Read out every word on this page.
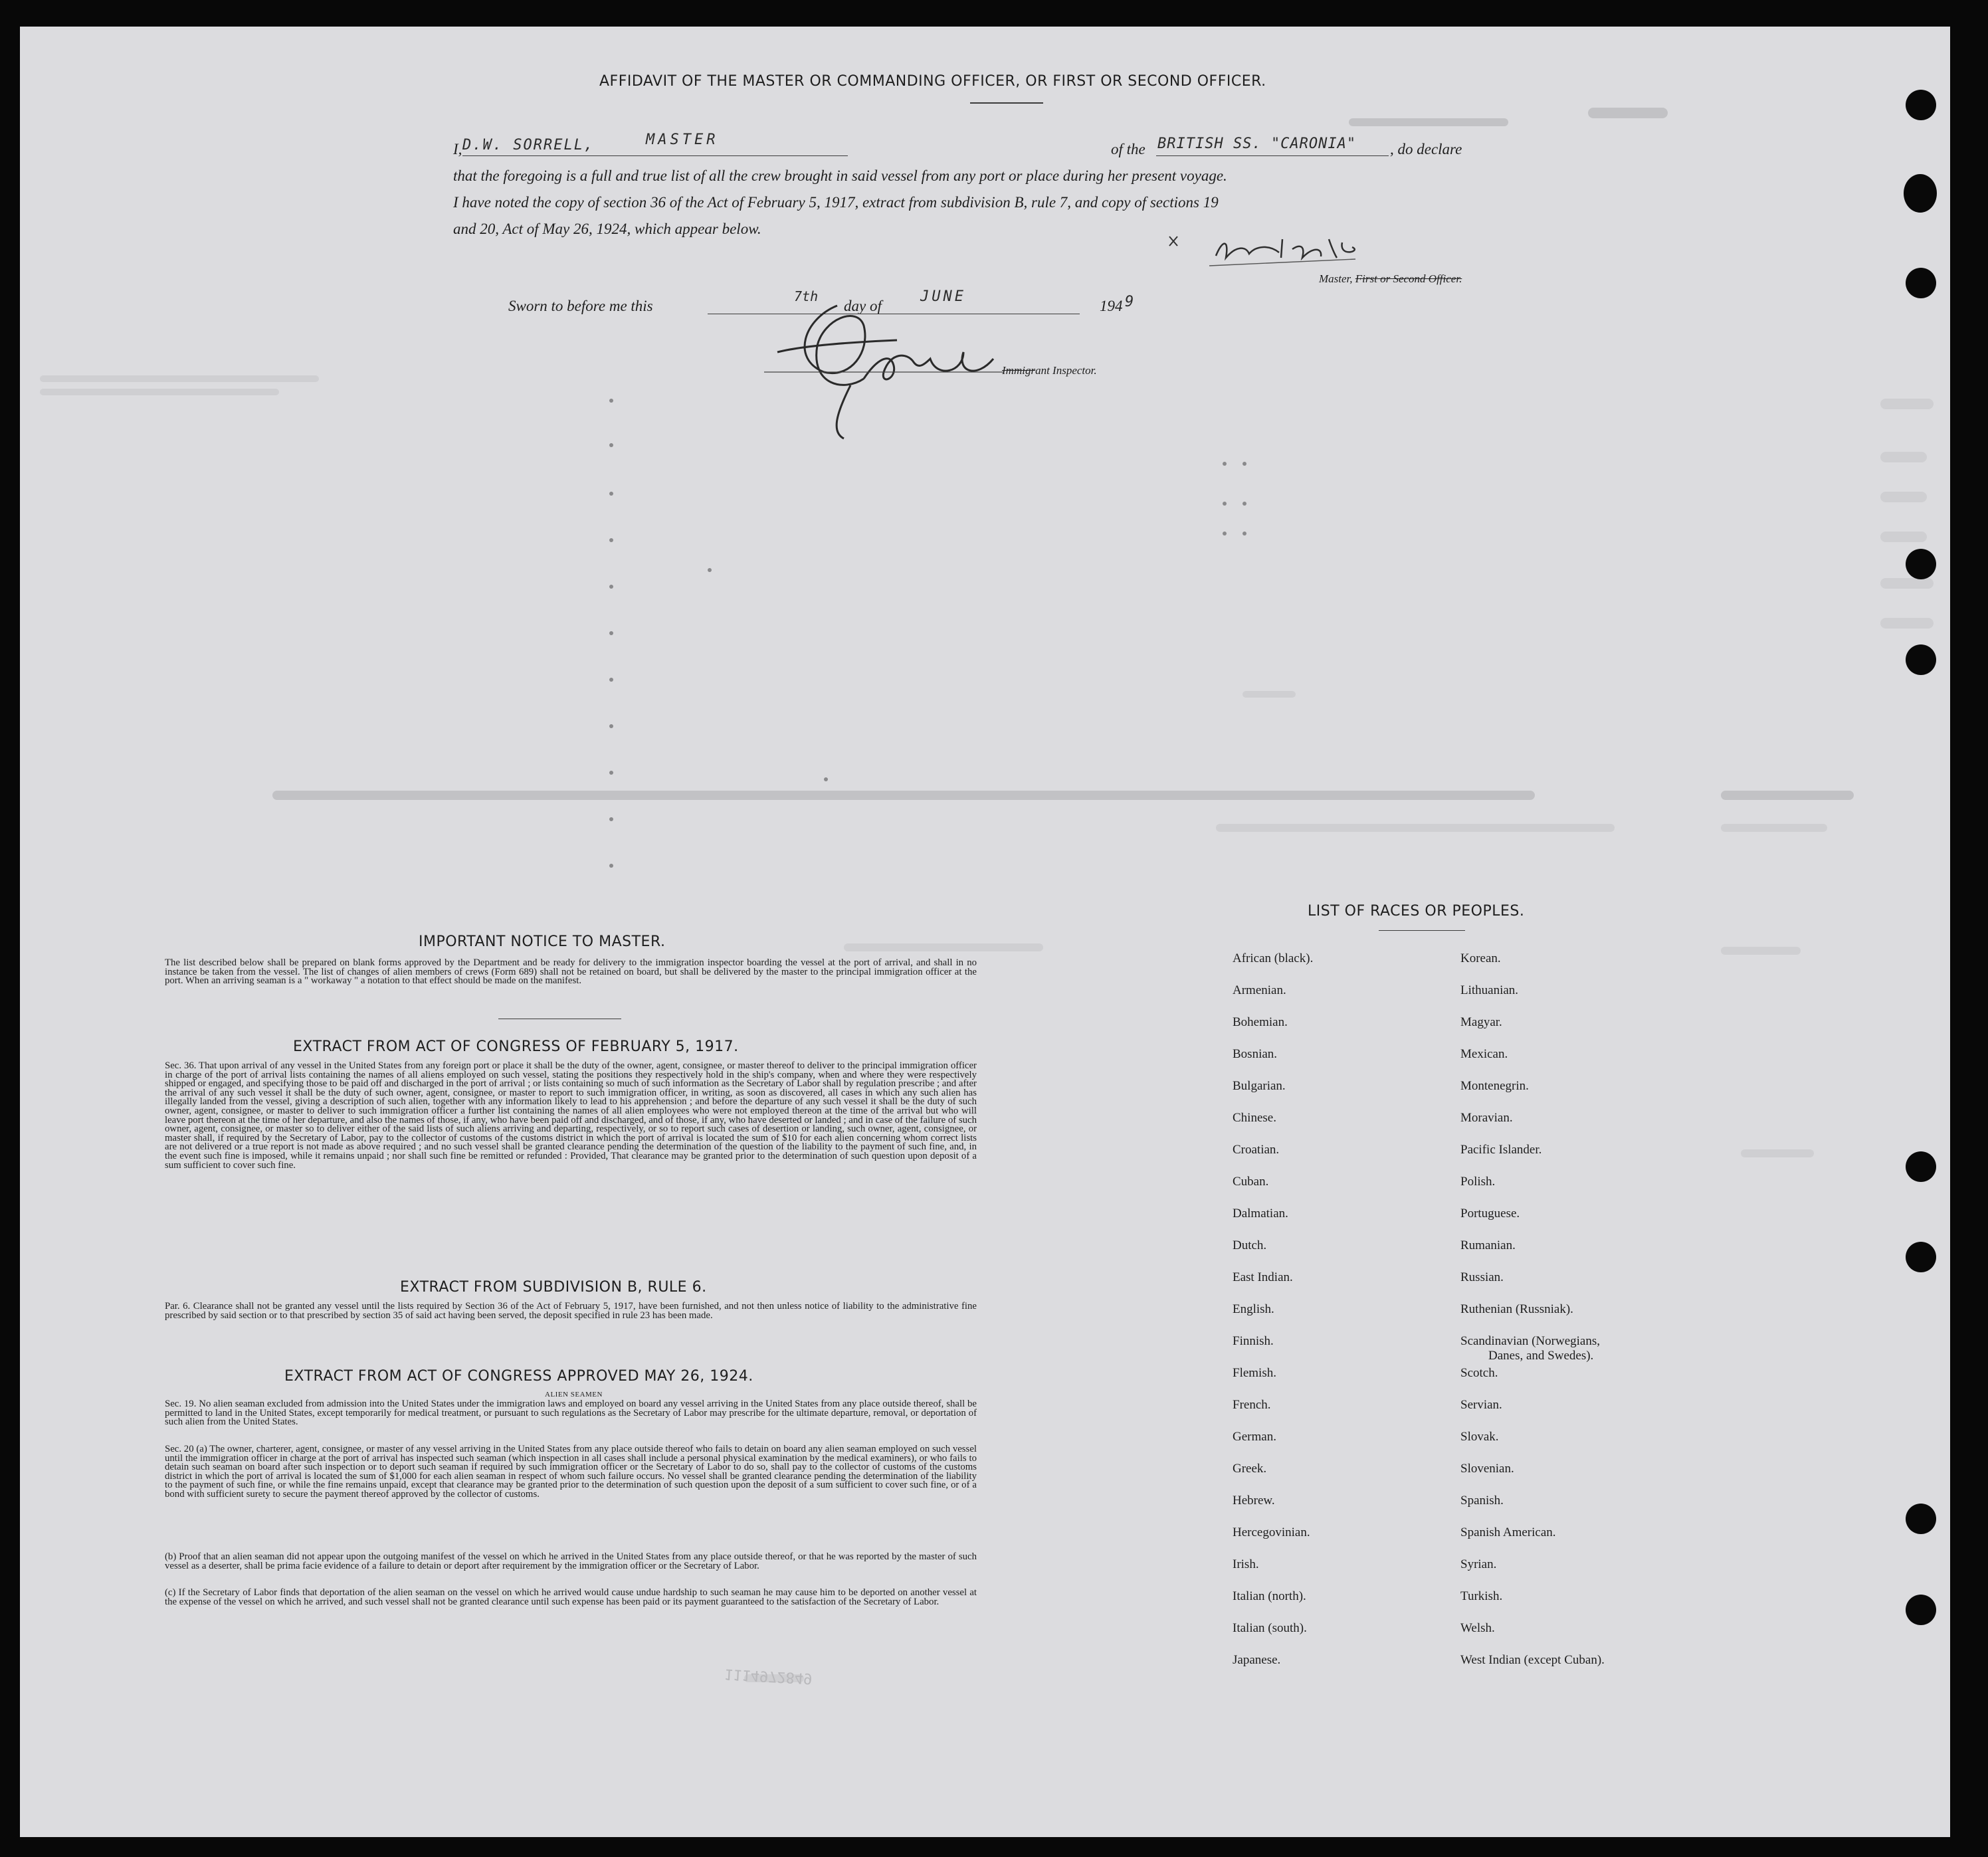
AFFIDAVIT OF THE MASTER OR COMMANDING OFFICER, OR FIRST OR SECOND OFFICER.
I, D.W. SORRELL,	MASTER
of the BRITISH SS. "CARONIA" , do declare
that the foregoing is a full and true list of all the crew brought in said vessel from any port or place during her present voyage.
I have noted the copy of section 36 of the Act of February 5, 1917, extract from subdivision B, rule 7, and copy of sections 19
and 20, Act of May 26, 1924, which appear below.
Master, First or Second Officer.
Sworn to before me this
7th
day of
JUNE
194 9
Immigrant Inspector.
IMPORTANT NOTICE TO MASTER.
The list described below shall be prepared on blank forms approved by the Department and be ready for delivery to the immigration inspector boarding the vessel at the port of arrival, and shall in no instance be taken from the vessel. The list of changes of alien members of crews (Form 689) shall not be retained on board, but shall be delivered by the master to the principal immigration officer at the port. When an arriving seaman is a " workaway " a notation to that effect should be made on the manifest.
EXTRACT FROM ACT OF CONGRESS OF FEBRUARY 5, 1917.
Sec. 36. That upon arrival of any vessel in the United States from any foreign port or place it shall be the duty of the owner, agent, consignee, or master thereof to deliver to the principal immigration officer in charge of the port of arrival lists containing the names of all aliens employed on such vessel, stating the positions they respectively hold in the ship's company, when and where they were respectively shipped or engaged, and specifying those to be paid off and discharged in the port of arrival ; or lists containing so much of such information as the Secretary of Labor shall by regulation prescribe ; and after the arrival of any such vessel it shall be the duty of such owner, agent, consignee, or master to report to such immigration officer, in writing, as soon as discovered, all cases in which any such alien has illegally landed from the vessel, giving a description of such alien, together with any information likely to lead to his apprehension ; and before the departure of any such vessel it shall be the duty of such owner, agent, consignee, or master to deliver to such immigration officer a further list containing the names of all alien employees who were not employed thereon at the time of the arrival but who will leave port thereon at the time of her departure, and also the names of those, if any, who have been paid off and discharged, and of those, if any, who have deserted or landed ; and in case of the failure of such owner, agent, consignee, or master so to deliver either of the said lists of such aliens arriving and departing, respectively, or so to report such cases of desertion or landing, such owner, agent, consignee, or master shall, if required by the Secretary of Labor, pay to the collector of customs of the customs district in which the port of arrival is located the sum of $10 for each alien concerning whom correct lists are not delivered or a true report is not made as above required ; and no such vessel shall be granted clearance pending the determination of the question of the liability to the payment of such fine, and, in the event such fine is imposed, while it remains unpaid ; nor shall such fine be remitted or refunded : Provided, That clearance may be granted prior to the determination of such question upon deposit of a sum sufficient to cover such fine.
EXTRACT FROM SUBDIVISION B, RULE 6.
Par. 6. Clearance shall not be granted any vessel until the lists required by Section 36 of the Act of February 5, 1917, have been furnished, and not then unless notice of liability to the administrative fine prescribed by said section or to that prescribed by section 35 of said act having been served, the deposit specified in rule 23 has been made.
EXTRACT FROM ACT OF CONGRESS APPROVED MAY 26, 1924.
ALIEN SEAMEN
Sec. 19. No alien seaman excluded from admission into the United States under the immigration laws and employed on board any vessel arriving in the United States from any place outside thereof, shall be permitted to land in the United States, except temporarily for medical treatment, or pursuant to such regulations as the Secretary of Labor may prescribe for the ultimate departure, removal, or deportation of such alien from the United States.
Sec. 20 (a) The owner, charterer, agent, consignee, or master of any vessel arriving in the United States from any place outside thereof who fails to detain on board any alien seaman employed on such vessel until the immigration officer in charge at the port of arrival has inspected such seaman (which inspection in all cases shall include a personal physical examination by the medical examiners), or who fails to detain such seaman on board after such inspection or to deport such seaman if required by such immigration officer or the Secretary of Labor to do so, shall pay to the collector of customs of the customs district in which the port of arrival is located the sum of $1,000 for each alien seaman in respect of whom such failure occurs. No vessel shall be granted clearance pending the determination of the liability to the payment of such fine, or while the fine remains unpaid, except that clearance may be granted prior to the determination of such question upon the deposit of a sum sufficient to cover such fine, or of a bond with sufficient surety to secure the payment thereof approved by the collector of customs.
(b) Proof that an alien seaman did not appear upon the outgoing manifest of the vessel on which he arrived in the United States from any place outside thereof, or that he was reported by the master of such vessel as a deserter, shall be prima facie evidence of a failure to detain or deport after requirement by the immigration officer or the Secretary of Labor.
(c) If the Secretary of Labor finds that deportation of the alien seaman on the vessel on which he arrived would cause undue hardship to such seaman he may cause him to be deported on another vessel at the expense of the vessel on which he arrived, and such vessel shall not be granted clearance until such expense has been paid or its payment guaranteed to the satisfaction of the Secretary of Labor.
1114972849
LIST OF RACES OR PEOPLES.
African (black).
Armenian.
Bohemian.
Bosnian.
Bulgarian.
Chinese.
Croatian.
Cuban.
Dalmatian.
Dutch.
East Indian.
English.
Finnish.
Flemish.
French.
German.
Greek.
Hebrew.
Hercegovinian.
Irish.
Italian (north).
Italian (south).
Japanese.
Korean.
Lithuanian.
Magyar.
Mexican.
Montenegrin.
Moravian.
Pacific Islander.
Polish.
Portuguese.
Rumanian.
Russian.
Ruthenian (Russniak).
Scandinavian (Norwegians,
Danes, and Swedes).
Scotch.
Servian.
Slovak.
Slovenian.
Spanish.
Spanish American.
Syrian.
Turkish.
Welsh.
West Indian (except Cuban).
